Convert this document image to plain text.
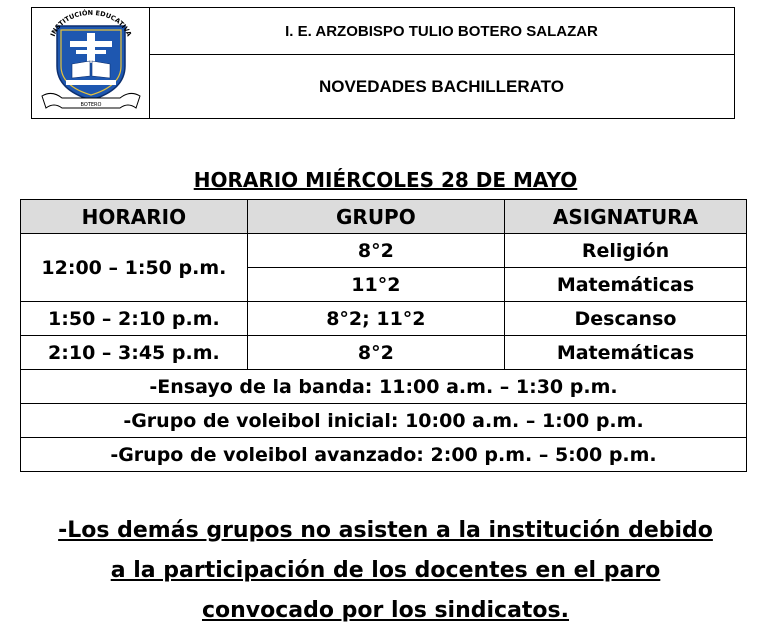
INSTITUCIÓN EDUCATIVA
BOTERO
I. E. ARZOBISPO TULIO BOTERO SALAZAR
NOVEDADES BACHILLERATO
HORARIO MIÉRCOLES 28 DE MAYO
HORARIO	GRUPO	ASIGNATURA
12:00 – 1:50 p.m.	8°2	Religión
	11°2	Matemáticas
1:50 – 2:10 p.m.	8°2; 11°2	Descanso
2:10 – 3:45 p.m.	8°2	Matemáticas
-Ensayo de la banda: 11:00 a.m. – 1:30 p.m.		
-Grupo de voleibol inicial: 10:00 a.m. – 1:00 p.m.		
-Grupo de voleibol avanzado: 2:00 p.m. – 5:00 p.m.		
-Los demás grupos no asisten a la institución debido
a la participación de los docentes en el paro
convocado por los sindicatos.
